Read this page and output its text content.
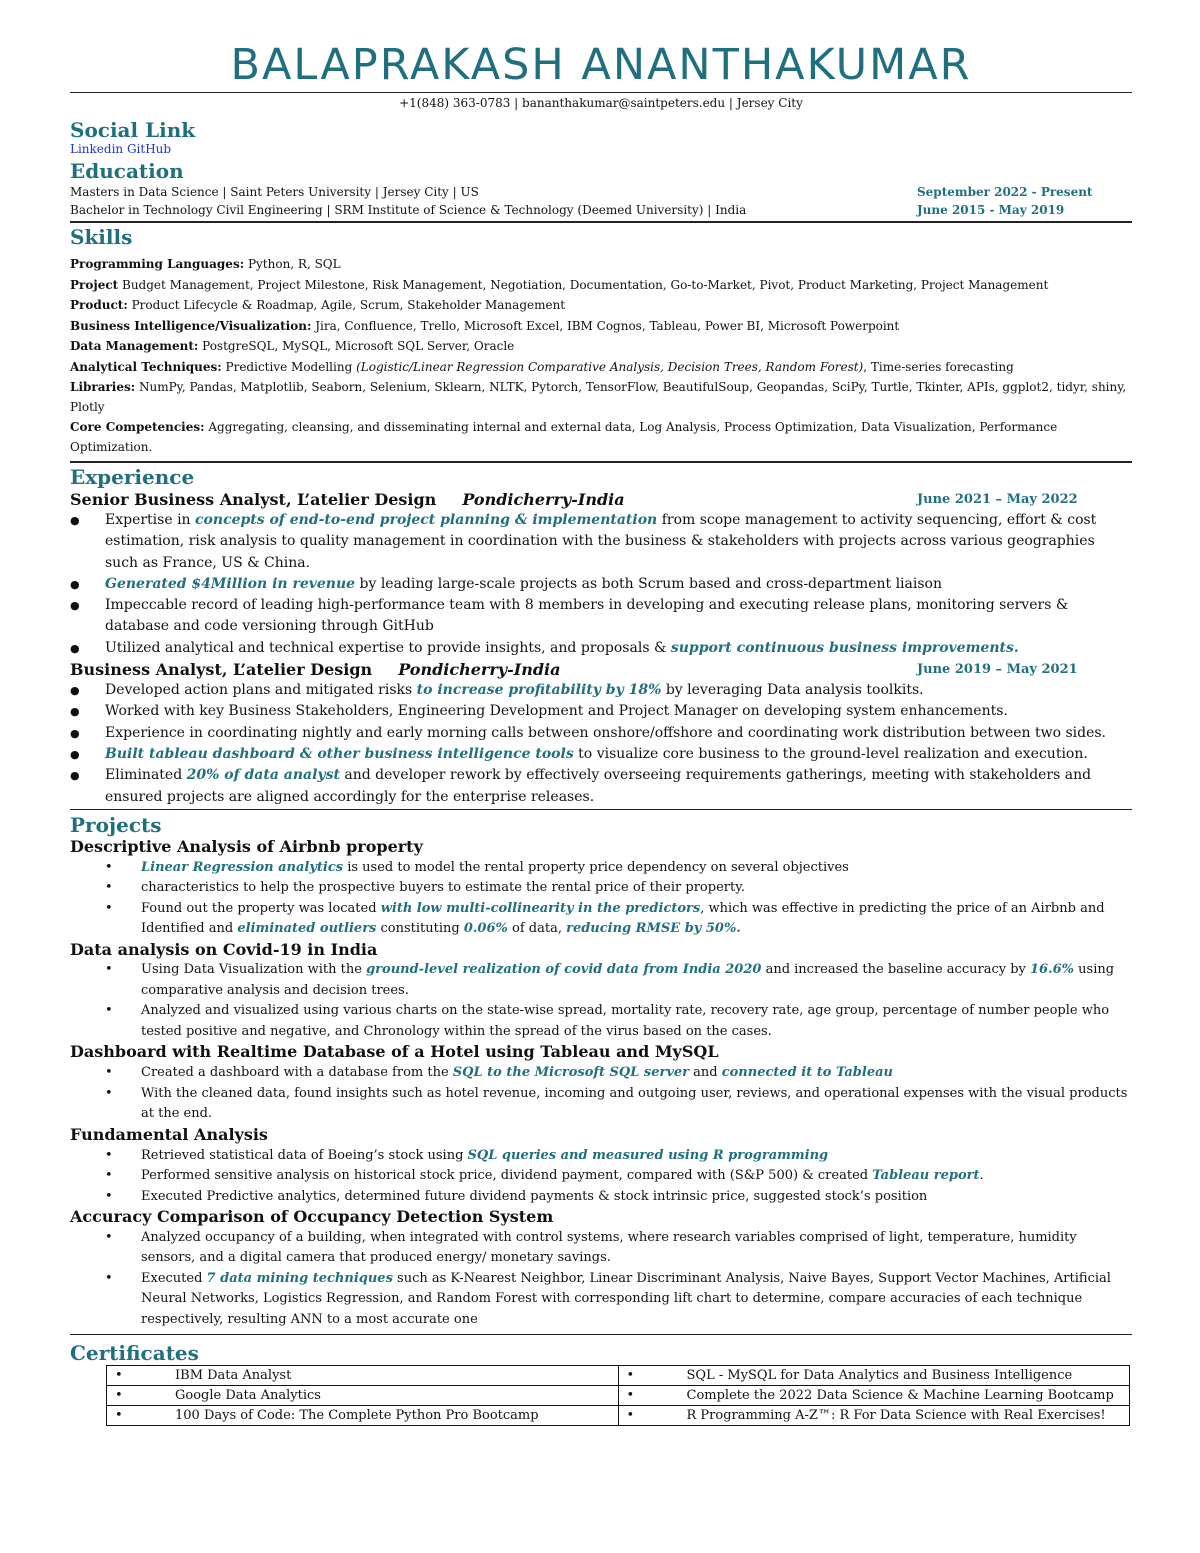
BALAPRAKASH ANANTHAKUMAR
+1(848) 363-0783 | bananthakumar@saintpeters.edu | Jersey City
Social Link
Linkedin GitHub
Education
Masters in Data Science | Saint Peters University | Jersey City | US	September 2022 - Present
Bachelor in Technology Civil Engineering | SRM Institute of Science & Technology (Deemed University) | India	June 2015 - May 2019
Skills
Programming Languages: Python, R, SQL
Project Budget Management, Project Milestone, Risk Management, Negotiation, Documentation, Go-to-Market, Pivot, Product Marketing, Project Management
Product: Product Lifecycle & Roadmap, Agile, Scrum, Stakeholder Management
Business Intelligence/Visualization: Jira, Confluence, Trello, Microsoft Excel, IBM Cognos, Tableau, Power BI, Microsoft Powerpoint
Data Management: PostgreSQL, MySQL, Microsoft SQL Server, Oracle
Analytical Techniques: Predictive Modelling (Logistic/Linear Regression Comparative Analysis, Decision Trees, Random Forest), Time-series forecasting
Libraries: NumPy, Pandas, Matplotlib, Seaborn, Selenium, Sklearn, NLTK, Pytorch, TensorFlow, BeautifulSoup, Geopandas, SciPy, Turtle, Tkinter, APIs, ggplot2, tidyr, shiny, Plotly
Core Competencies: Aggregating, cleansing, and disseminating internal and external data, Log Analysis, Process Optimization, Data Visualization, Performance Optimization.
Experience
Senior Business Analyst, L’atelier Design Pondicherry-India	June 2021 – May 2022
● Expertise in concepts of end-to-end project planning & implementation from scope management to activity sequencing, effort & cost estimation, risk analysis to quality management in coordination with the business & stakeholders with projects across various geographies such as France, US & China.
● Generated $4Million in revenue by leading large-scale projects as both Scrum based and cross-department liaison
● Impeccable record of leading high-performance team with 8 members in developing and executing release plans, monitoring servers & database and code versioning through GitHub
● Utilized analytical and technical expertise to provide insights, and proposals & support continuous business improvements.
Business Analyst, L’atelier Design Pondicherry-India	June 2019 – May 2021
● Developed action plans and mitigated risks to increase profitability by 18% by leveraging Data analysis toolkits.
● Worked with key Business Stakeholders, Engineering Development and Project Manager on developing system enhancements.
● Experience in coordinating nightly and early morning calls between onshore/offshore and coordinating work distribution between two sides.
● Built tableau dashboard & other business intelligence tools to visualize core business to the ground-level realization and execution.
● Eliminated 20% of data analyst and developer rework by effectively overseeing requirements gatherings, meeting with stakeholders and ensured projects are aligned accordingly for the enterprise releases.
Projects
Descriptive Analysis of Airbnb property
• Linear Regression analytics is used to model the rental property price dependency on several objectives
• characteristics to help the prospective buyers to estimate the rental price of their property.
• Found out the property was located with low multi-collinearity in the predictors, which was effective in predicting the price of an Airbnb and Identified and eliminated outliers constituting 0.06% of data, reducing RMSE by 50%.
Data analysis on Covid-19 in India
• Using Data Visualization with the ground-level realization of covid data from India 2020 and increased the baseline accuracy by 16.6% using comparative analysis and decision trees.
• Analyzed and visualized using various charts on the state-wise spread, mortality rate, recovery rate, age group, percentage of number people who tested positive and negative, and Chronology within the spread of the virus based on the cases.
Dashboard with Realtime Database of a Hotel using Tableau and MySQL
• Created a dashboard with a database from the SQL to the Microsoft SQL server and connected it to Tableau
• With the cleaned data, found insights such as hotel revenue, incoming and outgoing user, reviews, and operational expenses with the visual products at the end.
Fundamental Analysis
• Retrieved statistical data of Boeing’s stock using SQL queries and measured using R programming
• Performed sensitive analysis on historical stock price, dividend payment, compared with (S&P 500) & created Tableau report.
• Executed Predictive analytics, determined future dividend payments & stock intrinsic price, suggested stock’s position
Accuracy Comparison of Occupancy Detection System
• Analyzed occupancy of a building, when integrated with control systems, where research variables comprised of light, temperature, humidity sensors, and a digital camera that produced energy/ monetary savings.
• Executed 7 data mining techniques such as K-Nearest Neighbor, Linear Discriminant Analysis, Naive Bayes, Support Vector Machines, Artificial Neural Networks, Logistics Regression, and Random Forest with corresponding lift chart to determine, compare accuracies of each technique respectively, resulting ANN to a most accurate one
Certificates
• IBM Data Analyst	• SQL - MySQL for Data Analytics and Business Intelligence
• Google Data Analytics	• Complete the 2022 Data Science & Machine Learning Bootcamp
• 100 Days of Code: The Complete Python Pro Bootcamp	• R Programming A-Z™: R For Data Science with Real Exercises!
